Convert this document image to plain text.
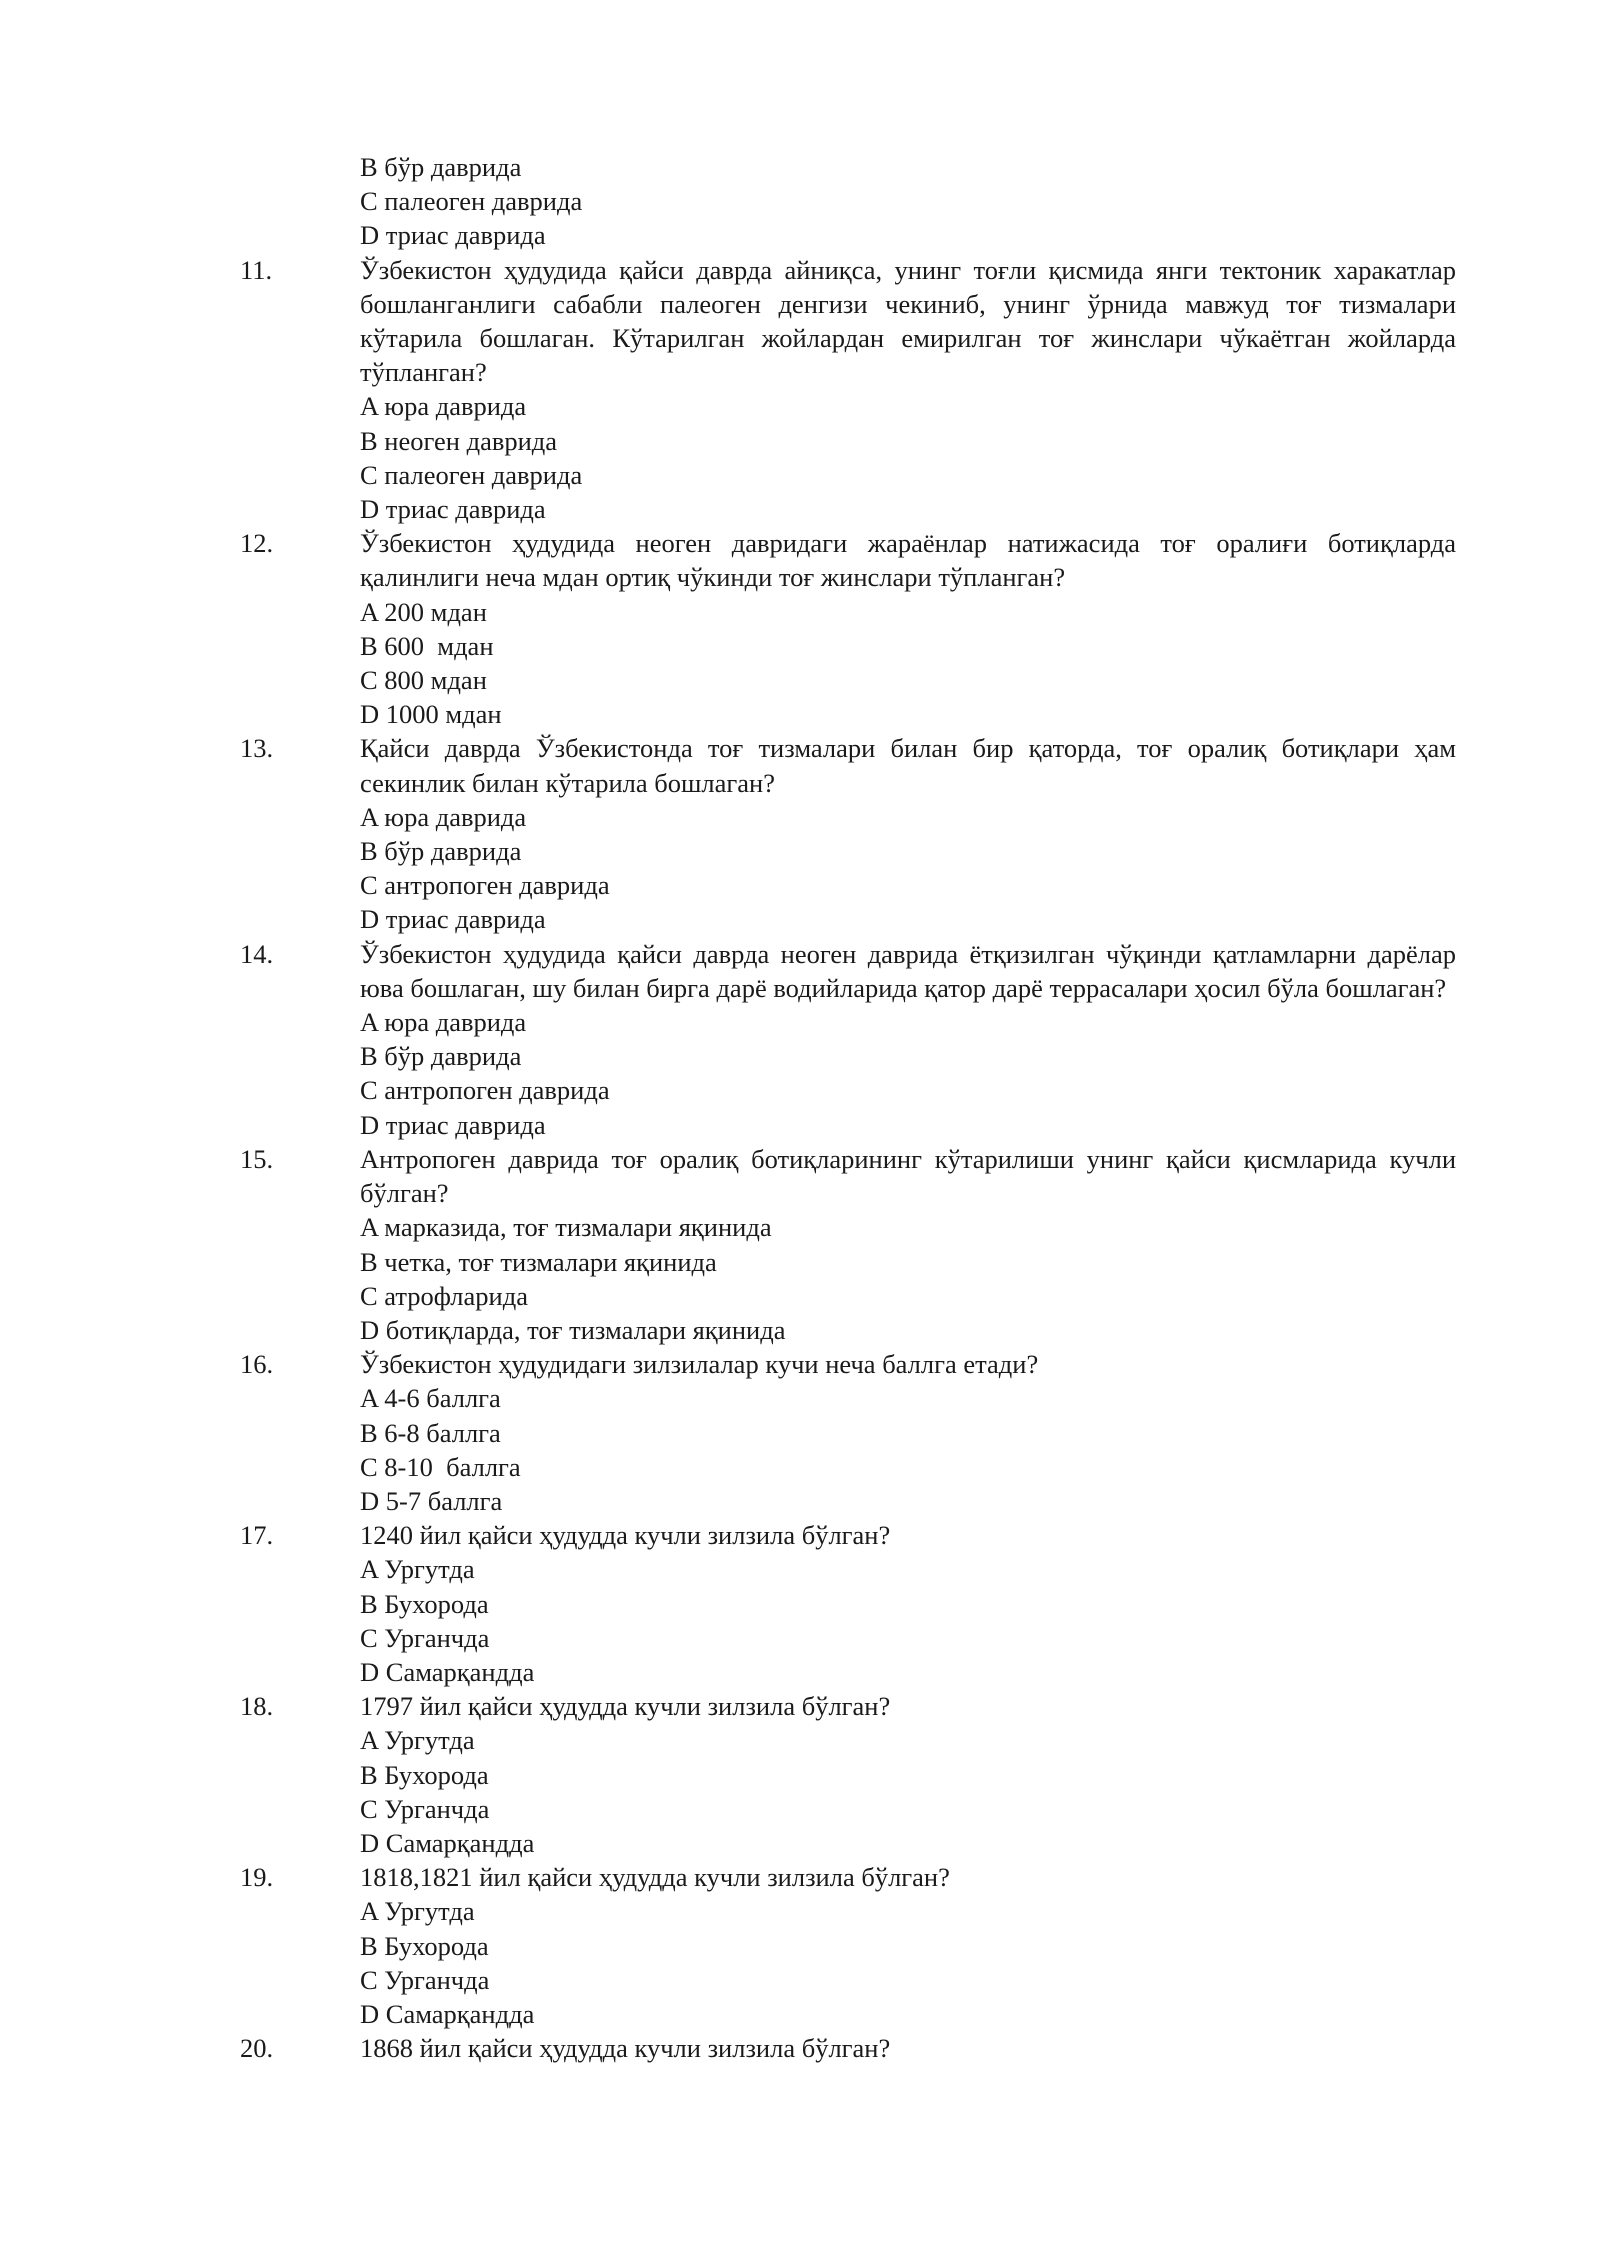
B бўр даврида
C палеоген даврида
D триас даврида
11.	Ўзбекистон ҳудудида қайси даврда айниқса, унинг тоғли қисмида янги тектоник харакатлар бошланганлиги сабабли палеоген денгизи чекиниб, унинг ўрнида мавжуд тоғ тизмалари кўтарила бошлаган. Кўтарилган жойлардан емирилган тоғ жинслари чўкаётган жойларда тўпланган?
A юра даврида
B неоген даврида
C палеоген даврида
D триас даврида
12.	Ўзбекистон ҳудудида неоген давридаги жараёнлар натижасида тоғ оралиғи ботиқларда қалинлиги неча мдан ортиқ чўкинди тоғ жинслари тўпланган?
A 200 мдан
B 600  мдан
C 800 мдан
D 1000 мдан
13.	Қайси даврда Ўзбекистонда тоғ тизмалари билан бир қаторда, тоғ оралиқ ботиқлари ҳам секинлик билан кўтарила бошлаган?
A юра даврида
B бўр даврида
C антропоген даврида
D триас даврида
14.	Ўзбекистон ҳудудида қайси даврда неоген даврида ётқизилган чўқинди қатламларни дарёлар юва бошлаган, шу билан бирга дарё водийларида қатор дарё террасалари ҳосил бўла бошлаган?
A юра даврида
B бўр даврида
C антропоген даврида
D триас даврида
15.	Антропоген даврида тоғ оралиқ ботиқларининг кўтарилиши унинг қайси қисмларида кучли бўлган?
A марказида, тоғ тизмалари яқинида
B четка, тоғ тизмалари яқинида
C атрофларида
D ботиқларда, тоғ тизмалари яқинида
16.	Ўзбекистон ҳудудидаги зилзилалар кучи неча баллга етади?
A 4-6 баллга
B 6-8 баллга
C 8-10  баллга
D 5-7 баллга
17.	1240 йил қайси ҳудудда кучли зилзила бўлган?
A Ургутда
B Бухорода
C Урганчда
D Самарқандда
18.	1797 йил қайси ҳудудда кучли зилзила бўлган?
A Ургутда
B Бухорода
C Урганчда
D Самарқандда
19.	1818,1821 йил қайси ҳудудда кучли зилзила бўлган?
A Ургутда
B Бухорода
C Урганчда
D Самарқандда
20.	1868 йил қайси ҳудудда кучли зилзила бўлган?
